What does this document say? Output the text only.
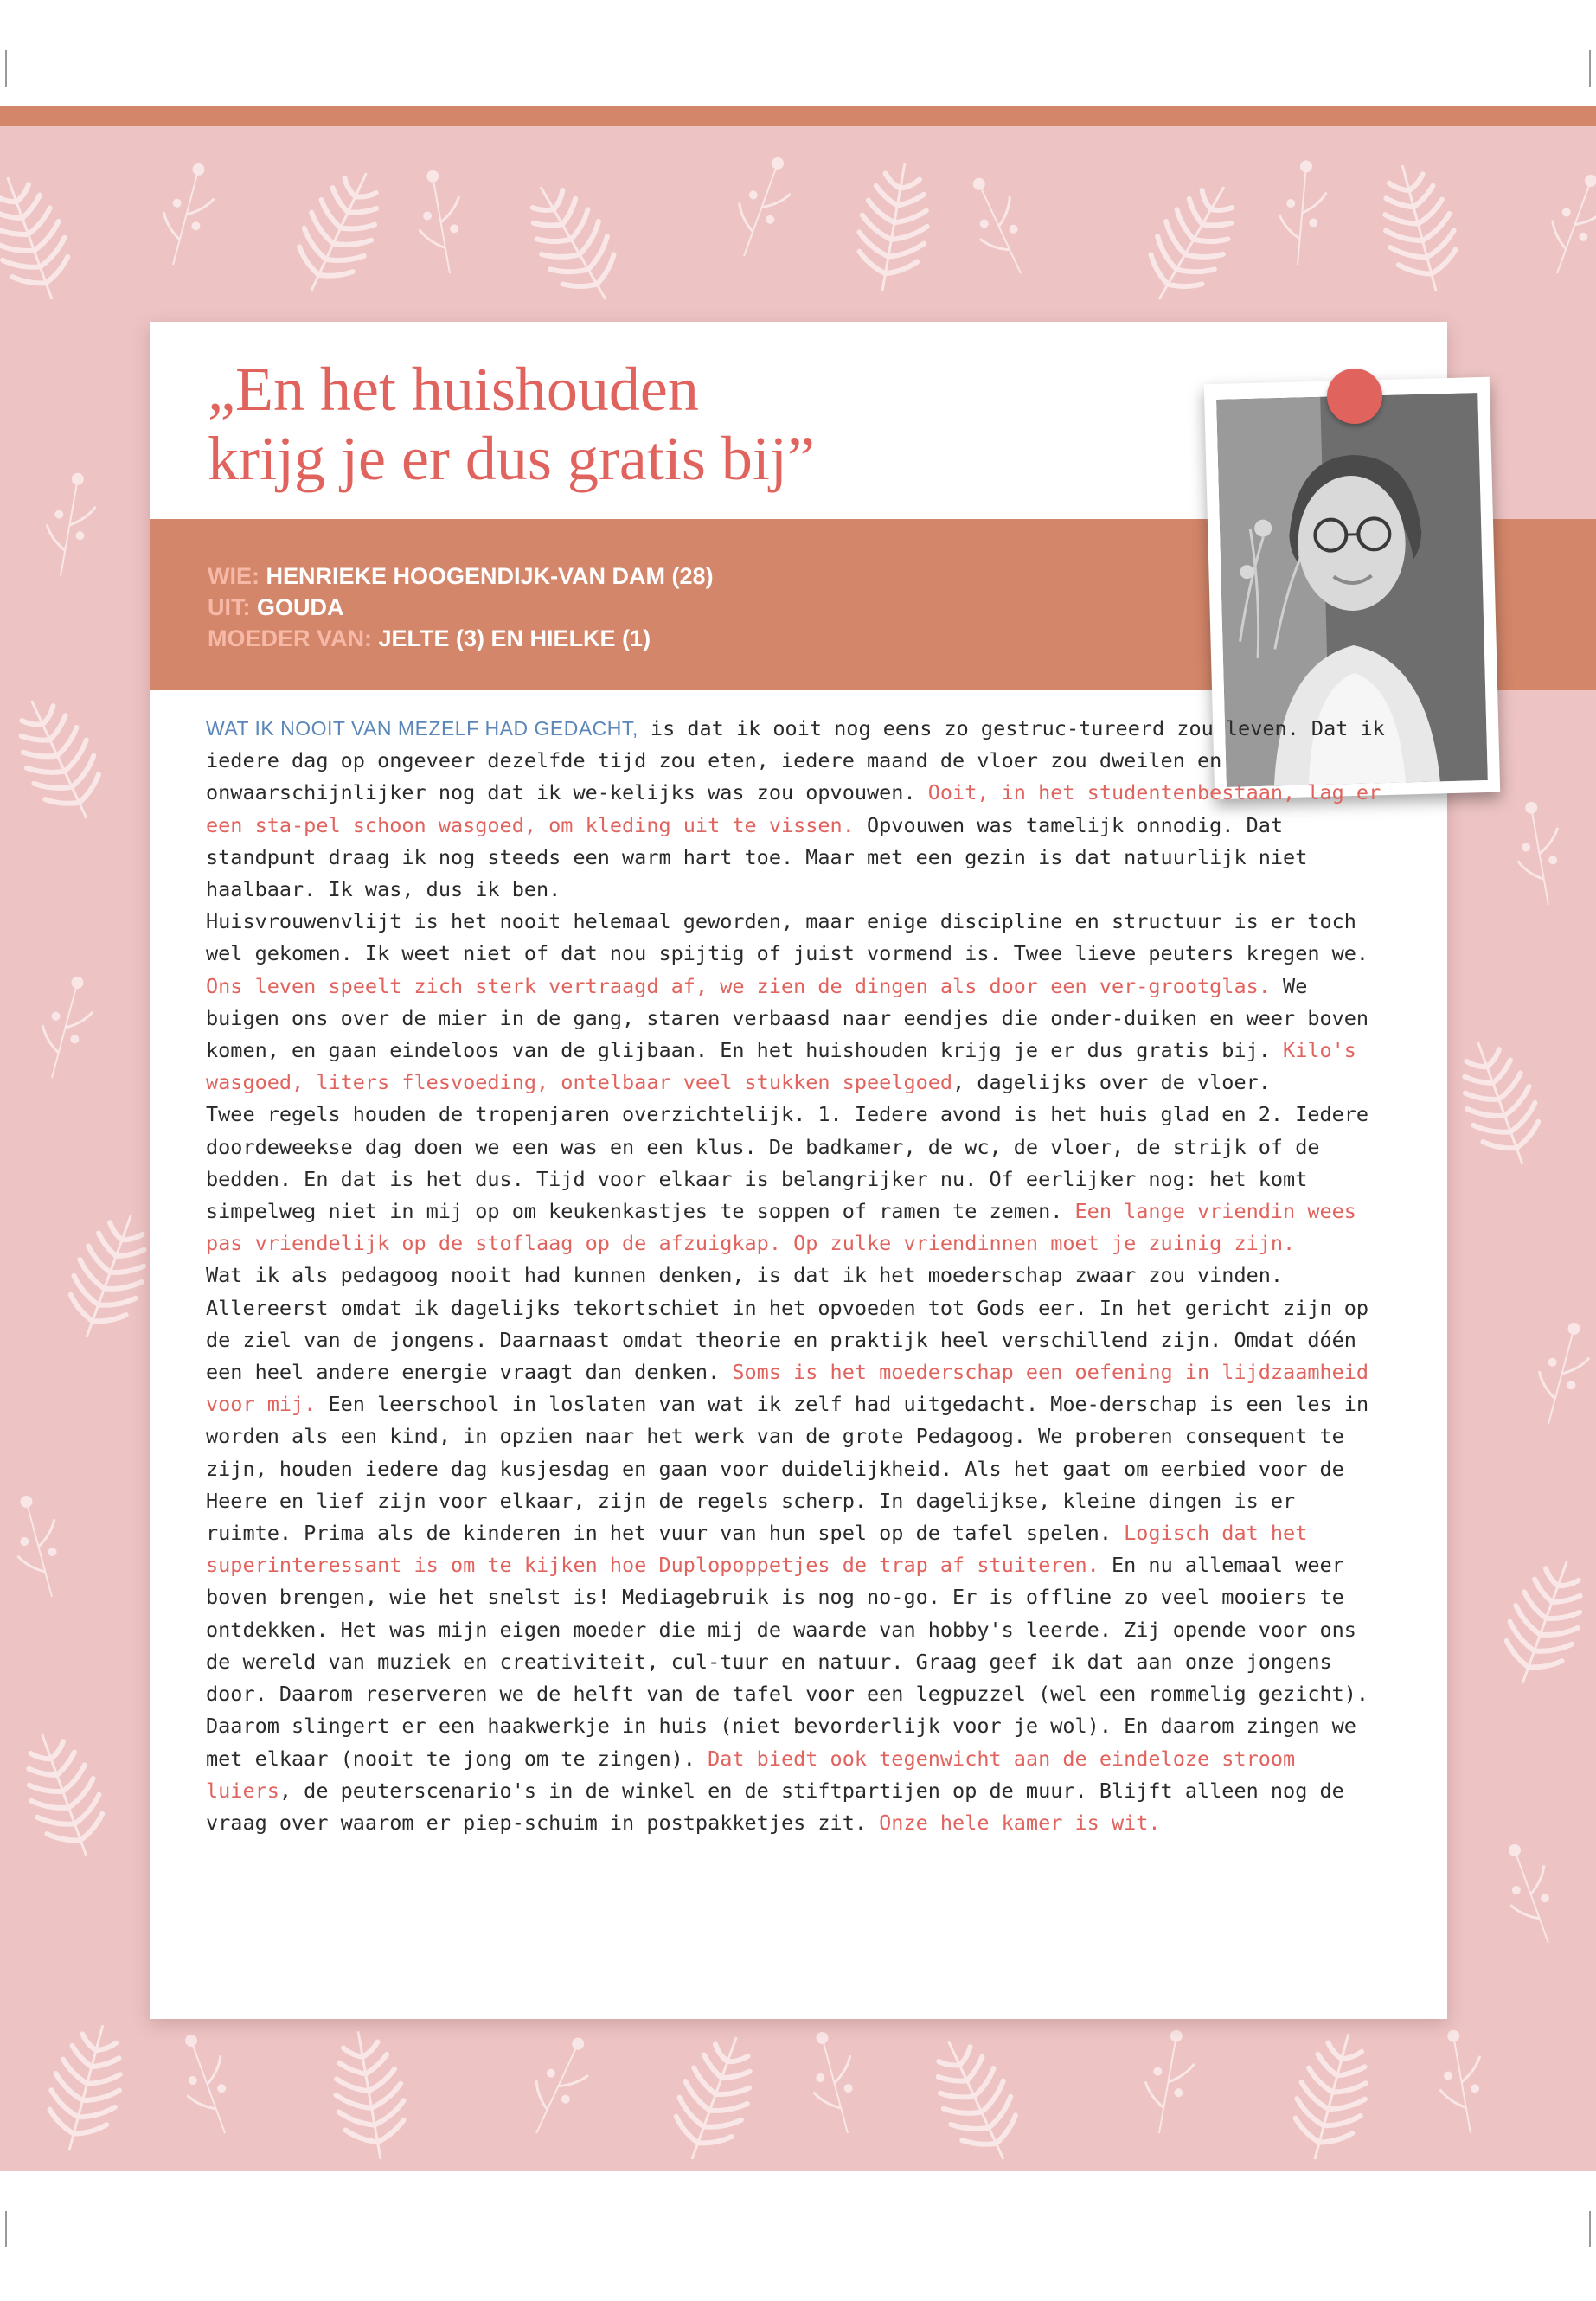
„En het huishouden
krijg je er dus gratis bij”
WIE: HENRIEKE HOOGENDIJK-VAN DAM (28)
UIT: GOUDA
MOEDER VAN: JELTE (3) EN HIELKE (1)

WAT IK NOOIT VAN MEZELF HAD GEDACHT, is dat ik ooit nog eens zo gestruc-tureerd zou leven. Dat ik iedere dag op ongeveer dezelfde tijd zou eten, iedere maand de vloer zou dweilen en onwaarschijnlijker nog dat ik we-kelijks was zou opvouwen. Ooit, in het studentenbestaan, lag er een sta-pel schoon wasgoed, om kleding uit te vissen. Opvouwen was tamelijk onnodig. Dat standpunt draag ik nog steeds een warm hart toe. Maar met een gezin is dat natuurlijk niet haalbaar. Ik was, dus ik ben.

Huisvrouwenvlijt is het nooit helemaal geworden, maar enige discipline en structuur is er toch wel gekomen. Ik weet niet of dat nou spijtig of juist vormend is. Twee lieve peuters kregen we. Ons leven speelt zich sterk vertraagd af, we zien de dingen als door een ver-grootglas. We buigen ons over de mier in de gang, staren verbaasd naar eendjes die onder-duiken en weer boven komen, en gaan eindeloos van de glijbaan. En het huishouden krijg je er dus gratis bij. Kilo's wasgoed, liters flesvoeding, ontelbaar veel stukken speelgoed, dagelijks over de vloer.

Twee regels houden de tropenjaren overzichtelijk. 1. Iedere avond is het huis glad en 2. Iedere doordeweekse dag doen we een was en een klus. De badkamer, de wc, de vloer, de strijk of de bedden. En dat is het dus. Tijd voor elkaar is belangrijker nu. Of eerlijker nog: het komt simpelweg niet in mij op om keukenkastjes te soppen of ramen te zemen. Een lange vriendin wees pas vriendelijk op de stoflaag op de afzuigkap. Op zulke vriendinnen moet je zuinig zijn.

Wat ik als pedagoog nooit had kunnen denken, is dat ik het moederschap zwaar zou vinden. Allereerst omdat ik dagelijks tekortschiet in het opvoeden tot Gods eer. In het gericht zijn op de ziel van de jongens. Daarnaast omdat theorie en praktijk heel verschillend zijn. Omdat dóén een heel andere energie vraagt dan denken. Soms is het moederschap een oefening in lijdzaamheid voor mij. Een leerschool in loslaten van wat ik zelf had uitgedacht. Moe-derschap is een les in worden als een kind, in opzien naar het werk van de grote Pedagoog. We proberen consequent te zijn, houden iedere dag kusjesdag en gaan voor duidelijkheid. Als het gaat om eerbied voor de Heere en lief zijn voor elkaar, zijn de regels scherp. In dagelijkse, kleine dingen is er ruimte. Prima als de kinderen in het vuur van hun spel op de tafel spelen. Logisch dat het superinteressant is om te kijken hoe Duplopoppetjes de trap af stuiteren. En nu allemaal weer boven brengen, wie het snelst is! Mediagebruik is nog no-go. Er is offline zo veel mooiers te ontdekken. Het was mijn eigen moeder die mij de waarde van hobby's leerde. Zij opende voor ons de wereld van muziek en creativiteit, cul-tuur en natuur. Graag geef ik dat aan onze jongens door. Daarom reserveren we de helft van de tafel voor een legpuzzel (wel een rommelig gezicht). Daarom slingert er een haakwerkje in huis (niet bevorderlijk voor je wol). En daarom zingen we met elkaar (nooit te jong om te zingen). Dat biedt ook tegenwicht aan de eindeloze stroom luiers, de peuterscenario's in de winkel en de stiftpartijen op de muur. Blijft alleen nog de vraag over waarom er piep-schuim in postpakketjes zit. Onze hele kamer is wit.
